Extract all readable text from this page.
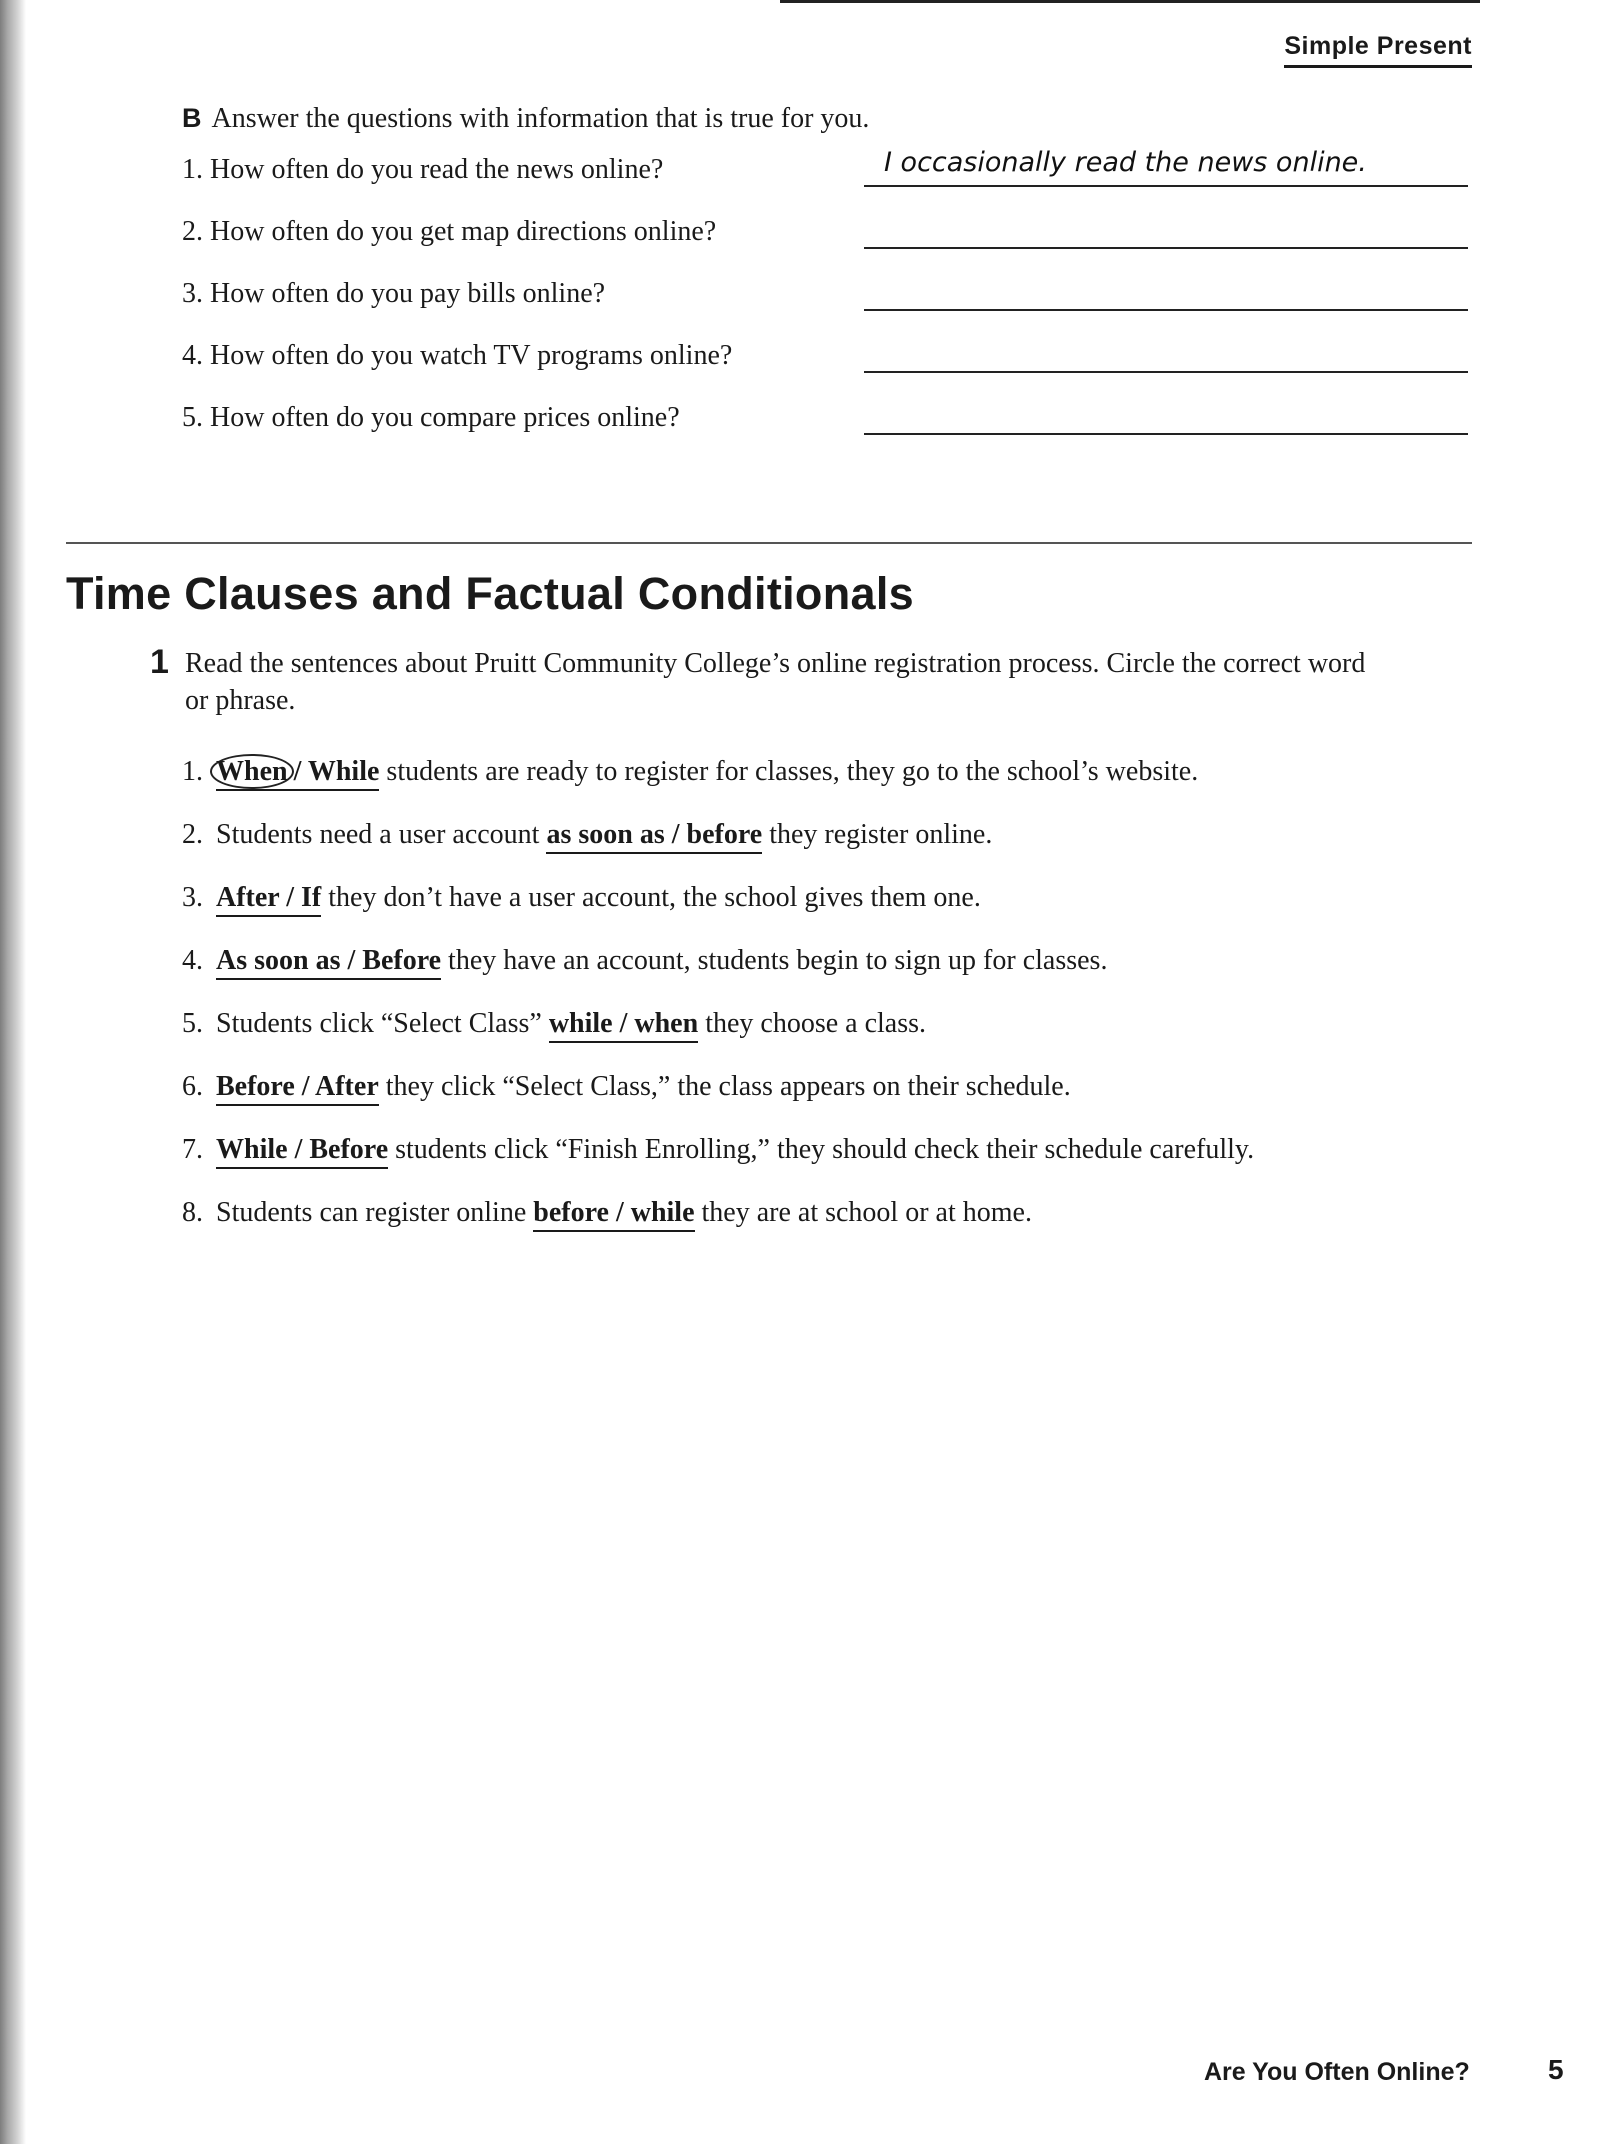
Simple Present
B Answer the questions with information that is true for you.
1. How often do you read the news online?	I occasionally read the news online.
2. How often do you get map directions online?
3. How often do you pay bills online?
4. How often do you watch TV programs online?
5. How often do you compare prices online?
Time Clauses and Factual Conditionals
1 Read the sentences about Pruitt Community College’s online registration process. Circle the correct word or phrase.
1. When / While students are ready to register for classes, they go to the school’s website.
2. Students need a user account as soon as / before they register online.
3. After / If they don’t have a user account, the school gives them one.
4. As soon as / Before they have an account, students begin to sign up for classes.
5. Students click “Select Class” while / when they choose a class.
6. Before / After they click “Select Class,” the class appears on their schedule.
7. While / Before students click “Finish Enrolling,” they should check their schedule carefully.
8. Students can register online before / while they are at school or at home.
Are You Often Online?	5
